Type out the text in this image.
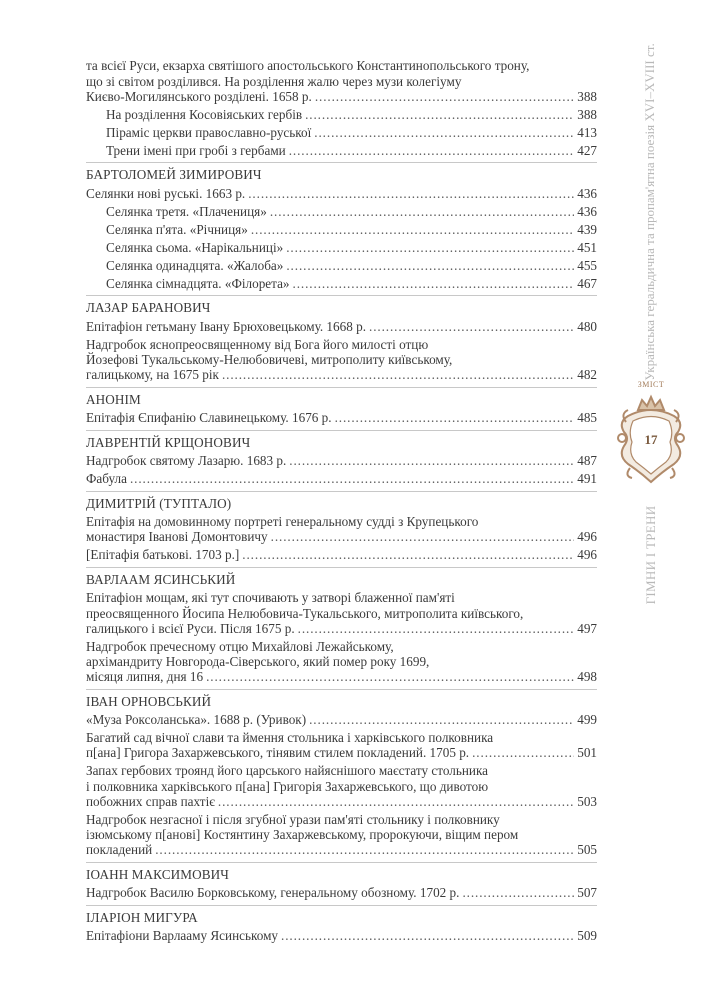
та всієї Руси, екзарха святішого апостольського Константинопольського трону,
що зі світом розділився. На розділення жалю через музи колегіуму
Києво-Могилянського розділені. 1658 р. . . .	388
На розділення Косовіяських гербів . . .	388
Піраміс церкви православно-руської . . .	413
Трени імені при гробі з гербами . . .	427
БАРТОЛОМЕЙ ЗИМИРОВИЧ
Селянки нові руські. 1663 р. . . .	436
Селянка третя. «Плачениця» . . .	436
Селянка п'ята. «Річниця» . . .	439
Селянка сьома. «Нарікальниці» . . .	451
Селянка одинадцята. «Жалоба» . . .	455
Селянка сімнадцята. «Філорета» . . .	467
ЛАЗАР БАРАНОВИЧ
Епітафіон гетьману Івану Брюховецькому. 1668 р. . . .	480
Надгробок яснопреосвященному від Бога його милості отцю
Йозефові Тукальському-Нелюбовичеві, митрополиту київському,
галицькому, на 1675 рік . . .	482
АНОНІМ
Епітафія Єпифанію Славинецькому. 1676 р. . . .	485
ЛАВРЕНТІЙ КРЩОНОВИЧ
Надгробок святому Лазарю. 1683 р. . . .	487
Фабула . . .	491
ДИМИТРІЙ (ТУПТАЛО)
Епітафія на домовинному портреті генеральному судді з Крупецького
монастиря Іванові Домонтовичу . . .	496
[Епітафія батькові. 1703 р.] . . .	496
ВАРЛААМ ЯСИНСЬКИЙ
Епітафіон мощам, які тут спочивають у затворі блаженної пам'яті
преосвященного Йосипа Нелюбовича-Тукальського, митрополита київського,
галицького і всієї Руси. Після 1675 р. . . .	497
Надгробок пречесному отцю Михайлові Лежайському,
архімандриту Новгорода-Сіверського, який помер року 1699,
місяця липня, дня 16 . . .	498
ІВАН ОРНОВСЬКИЙ
«Муза Роксоланська». 1688 р. (Уривок) . . .	499
Багатий сад вічної слави та ймення стольника і харківського полковника
п[ана] Григора Захаржевського, тінявим стилем покладений. 1705 р. . . .	501
Запах гербових троянд його царського найяснішого маєстату стольника
і полковника харківського п[ана] Григорія Захаржевського, що дивотою
побожних справ пахтіє . . .	503
Надгробок незгасної і після згубної урази пам'яті стольнику і полковнику
ізюмському п[анові] Костянтину Захаржевському, пророкуючи, віщим пером
покладений . . .	505
ІОАНН МАКСИМОВИЧ
Надгробок Василю Борковському, генеральному обозному. 1702 р. . . .	507
ІЛАРІОН МИГУРА
Епітафіони Варлааму Ясинському . . .	509
Українська геральдична та пропам'ятна поезія XVI–XVIII ст.
ЗМІСТ
17
ГІМНИ І ТРЕНИ
